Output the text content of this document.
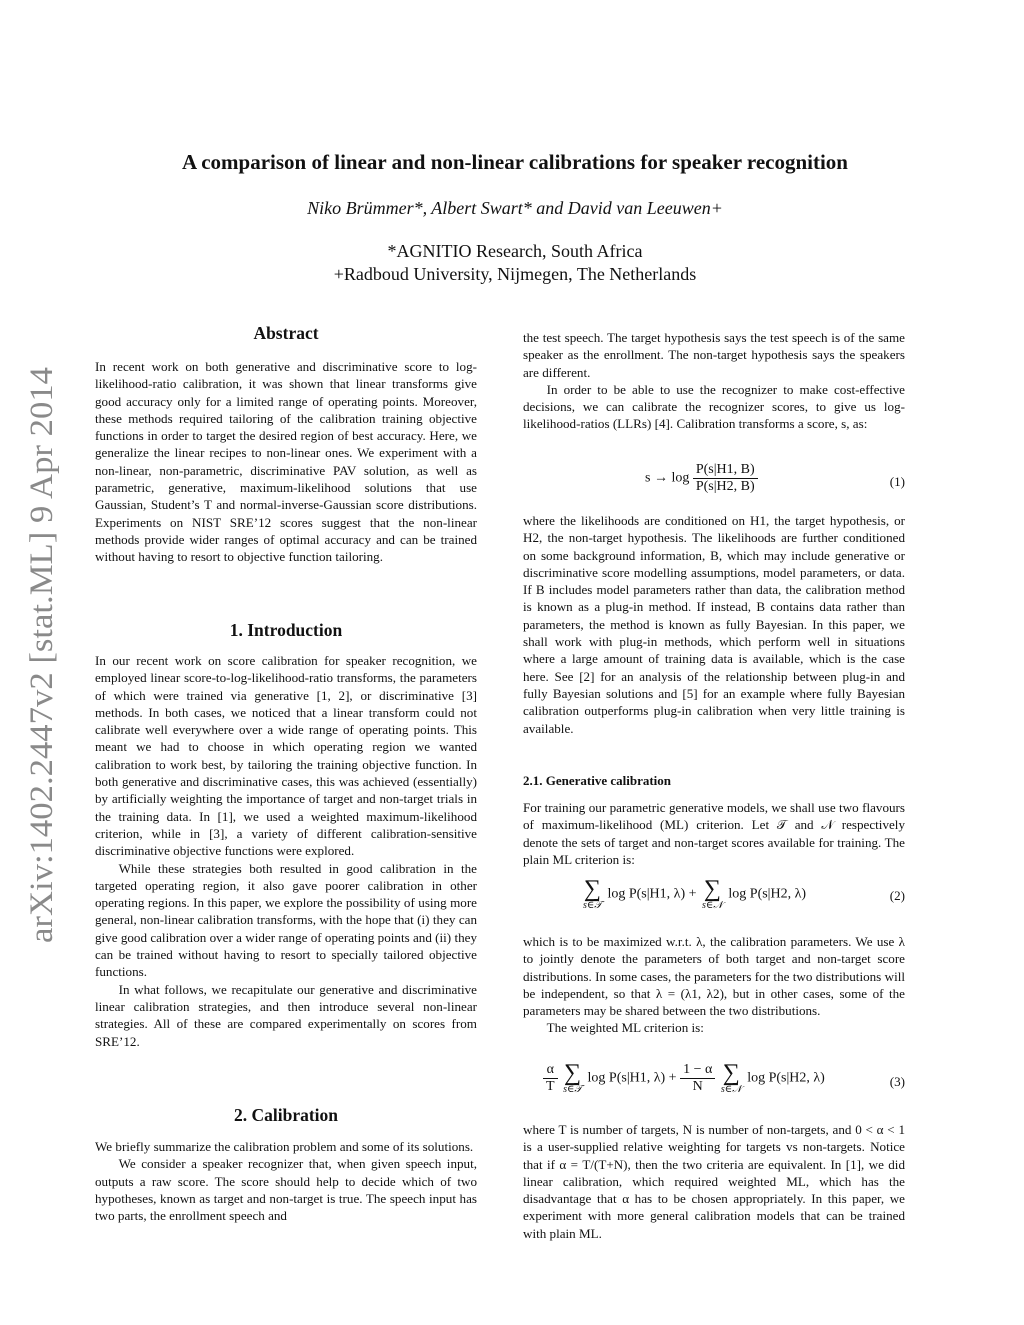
arXiv:1402.2447v2 [stat.ML] 9 Apr 2014
A comparison of linear and non-linear calibrations for speaker recognition
Niko Brümmer*, Albert Swart* and David van Leeuwen+
*AGNITIO Research, South Africa
+Radboud University, Nijmegen, The Netherlands
Abstract

In recent work on both generative and discriminative score to log-likelihood-ratio calibration, it was shown that linear transforms give good accuracy only for a limited range of operating points. Moreover, these methods required tailoring of the calibration training objective functions in order to target the desired region of best accuracy. Here, we generalize the linear recipes to non-linear ones. We experiment with a non-linear, non-parametric, discriminative PAV solution, as well as parametric, generative, maximum-likelihood solutions that use Gaussian, Student’s T and normal-inverse-Gaussian score distributions. Experiments on NIST SRE’12 scores suggest that the non-linear methods provide wider ranges of optimal accuracy and can be trained without having to resort to objective function tailoring.

1. Introduction

In our recent work on score calibration for speaker recognition, we employed linear score-to-log-likelihood-ratio transforms, the parameters of which were trained via generative [1, 2], or discriminative [3] methods. In both cases, we noticed that a linear transform could not calibrate well everywhere over a wide range of operating points. This meant we had to choose in which operating region we wanted calibration to work best, by tailoring the training objective function. In both generative and discriminative cases, this was achieved (essentially) by artificially weighting the importance of target and non-target trials in the training data. In [1], we used a weighted maximum-likelihood criterion, while in [3], a variety of different calibration-sensitive discriminative objective functions were explored.

While these strategies both resulted in good calibration in the targeted operating region, it also gave poorer calibration in other operating regions. In this paper, we explore the possibility of using more general, non-linear calibration transforms, with the hope that (i) they can give good calibration over a wider range of operating points and (ii) they can be trained without having to resort to specially tailored objective functions.

In what follows, we recapitulate our generative and discriminative linear calibration strategies, and then introduce several non-linear strategies. All of these are compared experimentally on scores from SRE’12.

2. Calibration

We briefly summarize the calibration problem and some of its solutions.

We consider a speaker recognizer that, when given speech input, outputs a raw score. The score should help to decide which of two hypotheses, known as target and non-target is true. The speech input has two parts, the enrollment speech and

the test speech. The target hypothesis says the test speech is of the same speaker as the enrollment. The non-target hypothesis says the speakers are different.

In order to be able to use the recognizer to make cost-effective decisions, we can calibrate the recognizer scores, to give us log-likelihood-ratios (LLRs) [4]. Calibration transforms a score, s, as:

$s \to \log \frac{P(s|H1, B)}{P(s|H2, B)}$	(1)

where the likelihoods are conditioned on H1, the target hypothesis, or H2, the non-target hypothesis. The likelihoods are further conditioned on some background information, B, which may include generative or discriminative score modelling assumptions, model parameters, or data. If B includes model parameters rather than data, the calibration method is known as a plug-in method. If instead, B contains data rather than parameters, the method is known as fully Bayesian. In this paper, we shall work with plug-in methods, which perform well in situations where a large amount of training data is available, which is the case here. See [2] for an analysis of the relationship between plug-in and fully Bayesian solutions and [5] for an example where fully Bayesian calibration outperforms plug-in calibration when very little training is available.

2.1. Generative calibration

For training our parametric generative models, we shall use two flavours of maximum-likelihood (ML) criterion. Let 𝒯 and 𝒩 respectively denote the sets of target and non-target scores available for training. The plain ML criterion is:

∑
s∈𝒯
log P(s|H1, λ) + ∑
s∈𝒩
log P(s|H2, λ)	(2)

which is to be maximized w.r.t. λ, the calibration parameters. We use λ to jointly denote the parameters of both target and non-target score distributions. In some cases, the parameters for the two distributions will be independent, so that λ = (λ1, λ2), but in other cases, some of the parameters may be shared between the two distributions.

The weighted ML criterion is:

$\frac{\alpha}{T}$
∑
s∈𝒯
log P(s|H1, $\lambda) + \frac{1 - \alpha}{N}$
∑
s∈𝒩
log P(s|H2, λ)	(3)

where T is number of targets, N is number of non-targets, and 0 < α < 1 is a user-supplied relative weighting for targets vs non-targets. Notice that if α = T/(T+N), then the two criteria are equivalent. In [1], we did linear calibration, which required weighted ML, which has the disadvantage that α has to be chosen appropriately. In this paper, we experiment with more general calibration models that can be trained with plain ML.
